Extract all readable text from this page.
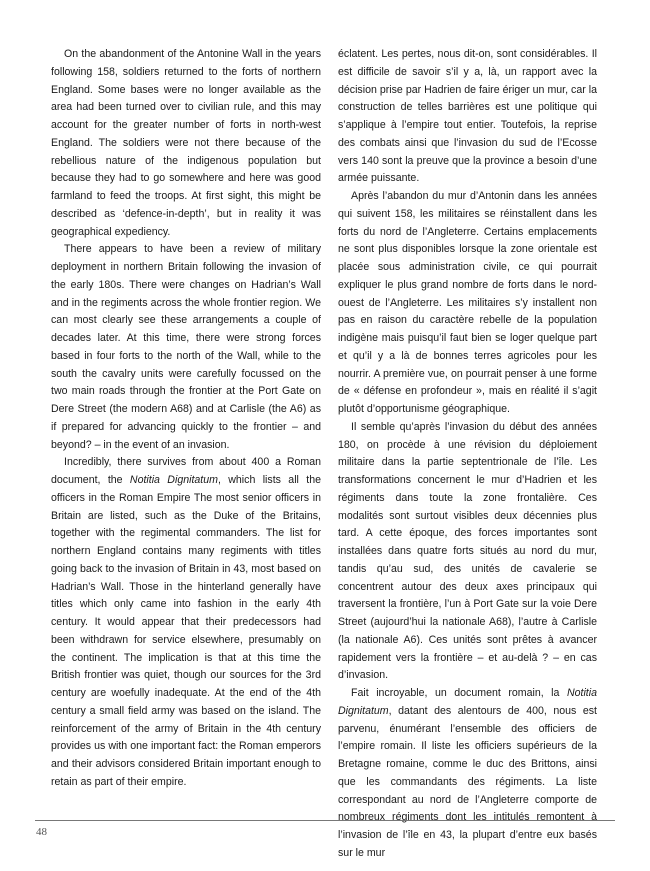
On the abandonment of the Antonine Wall in the years following 158, soldiers returned to the forts of northern England. Some bases were no longer available as the area had been turned over to civilian rule, and this may account for the greater number of forts in north-west England. The soldiers were not there because of the rebellious nature of the indigenous population but because they had to go somewhere and here was good farmland to feed the troops. At first sight, this might be described as ‘defence-in-depth’, but in reality it was geographical expediency.

There appears to have been a review of military deployment in northern Britain following the invasion of the early 180s. There were changes on Hadrian’s Wall and in the regiments across the whole frontier region. We can most clearly see these arrangements a couple of decades later. At this time, there were strong forces based in four forts to the north of the Wall, while to the south the cavalry units were carefully focussed on the two main roads through the frontier at the Port Gate on Dere Street (the modern A68) and at Carlisle (the A6) as if prepared for advancing quickly to the frontier – and beyond? – in the event of an invasion.

Incredibly, there survives from about 400 a Roman document, the Notitia Dignitatum, which lists all the officers in the Roman Empire The most senior officers in Britain are listed, such as the Duke of the Britains, together with the regimental commanders. The list for northern England contains many regiments with titles going back to the invasion of Britain in 43, most based on Hadrian’s Wall. Those in the hinterland generally have titles which only came into fashion in the early 4th century. It would appear that their predecessors had been withdrawn for service elsewhere, presumably on the continent. The implication is that at this time the British frontier was quiet, though our sources for the 3rd century are woefully inadequate. At the end of the 4th century a small field army was based on the island. The reinforcement of the army of Britain in the 4th century provides us with one important fact: the Roman emperors and their advisors considered Britain important enough to retain as part of their empire.

éclatent. Les pertes, nous dit-on, sont considérables. Il est difficile de savoir s’il y a, là, un rapport avec la décision prise par Hadrien de faire ériger un mur, car la construction de telles barrières est une politique qui s’applique à l’empire tout entier. Toutefois, la reprise des combats ainsi que l’invasion du sud de l’Ecosse vers 140 sont la preuve que la province a besoin d’une armée puissante.

Après l’abandon du mur d’Antonin dans les années qui suivent 158, les militaires se réinstallent dans les forts du nord de l’Angleterre. Certains emplacements ne sont plus disponibles lorsque la zone orientale est placée sous administration civile, ce qui pourrait expliquer le plus grand nombre de forts dans le nord-ouest de l’Angleterre. Les militaires s’y installent non pas en raison du caractère rebelle de la population indigène mais puisqu’il faut bien se loger quelque part et qu’il y a là de bonnes terres agricoles pour les nourrir. A première vue, on pourrait penser à une forme de « défense en profondeur », mais en réalité il s’agit plutôt d’opportunisme géographique.

Il semble qu’après l’invasion du début des années 180, on procède à une révision du déploiement militaire dans la partie septentrionale de l’île. Les transformations concernent le mur d’Hadrien et les régiments dans toute la zone frontalière. Ces modalités sont surtout visibles deux décennies plus tard. A cette époque, des forces importantes sont installées dans quatre forts situés au nord du mur, tandis qu’au sud, des unités de cavalerie se concentrent autour des deux axes principaux qui traversent la frontière, l’un à Port Gate sur la voie Dere Street (aujourd’hui la nationale A68), l’autre à Carlisle (la nationale A6). Ces unités sont prêtes à avancer rapidement vers la frontière – et au-delà ? – en cas d’invasion.

Fait incroyable, un document romain, la Notitia Dignitatum, datant des alentours de 400, nous est parvenu, énumérant l’ensemble des officiers de l’empire romain. Il liste les officiers supérieurs de la Bretagne romaine, comme le duc des Brittons, ainsi que les commandants des régiments. La liste correspondant au nord de l’Angleterre comporte de nombreux régiments dont les intitulés remontent à l’invasion de l’île en 43, la plupart d’entre eux basés sur le mur

48
